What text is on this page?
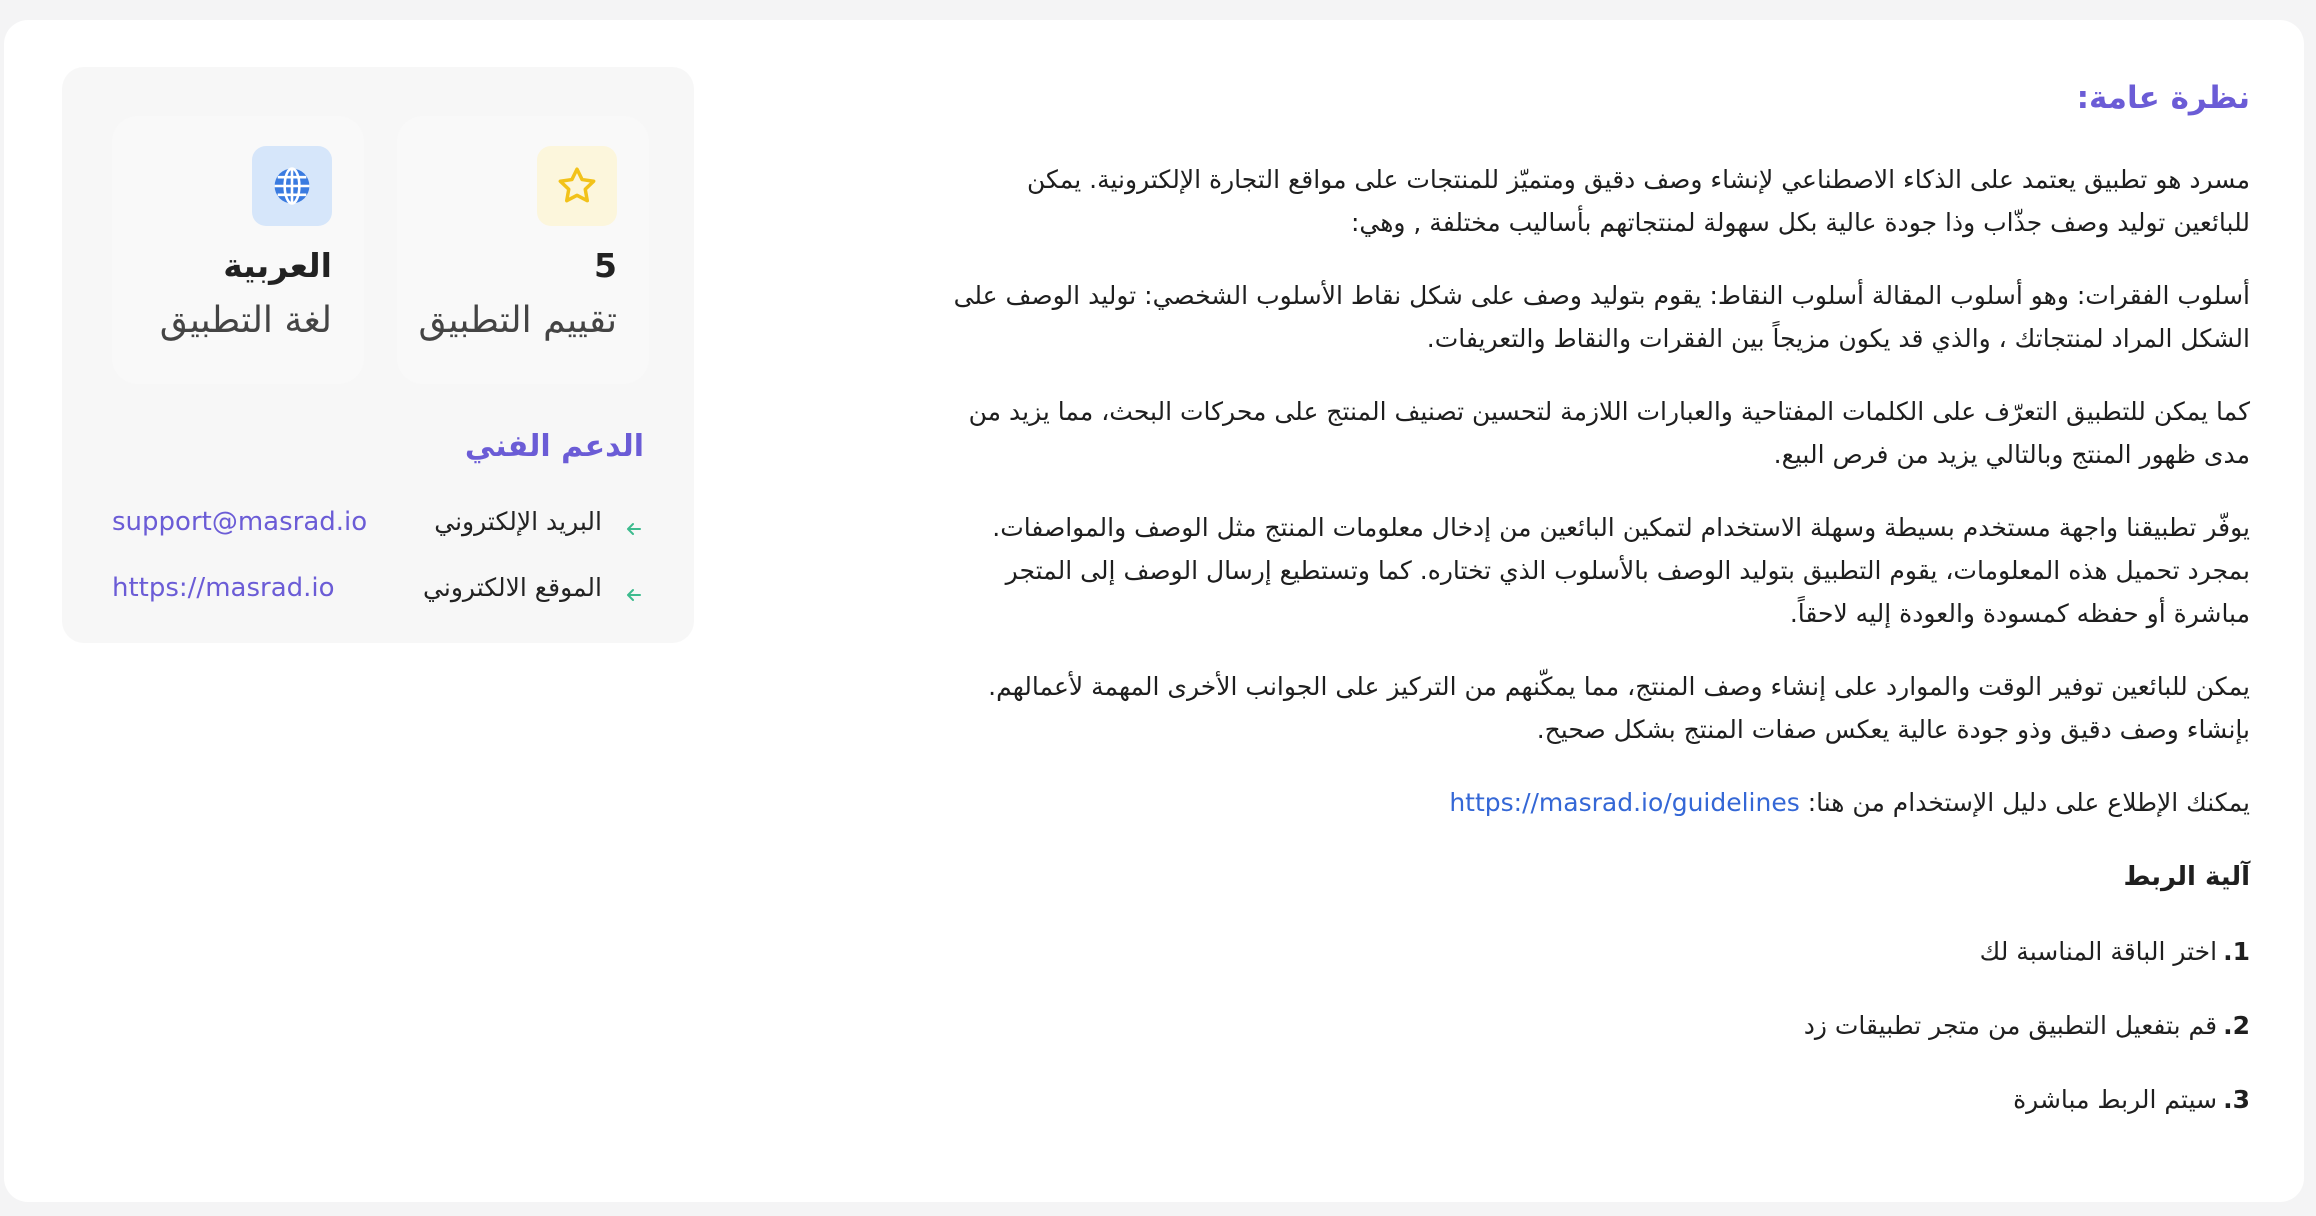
نظرة عامة:

مسرد هو تطبيق يعتمد على الذكاء الاصطناعي لإنشاء وصف دقيق ومتميّز للمنتجات على مواقع التجارة الإلكترونية. يمكن للبائعين توليد وصف جذّاب وذا جودة عالية بكل سهولة لمنتجاتهم بأساليب مختلفة , وهي:

أسلوب الفقرات: وهو أسلوب المقالة أسلوب النقاط: يقوم بتوليد وصف على شكل نقاط الأسلوب الشخصي: توليد الوصف على الشكل المراد لمنتجاتك ، والذي قد يكون مزيجاً بين الفقرات والنقاط والتعريفات.

كما يمكن للتطبيق التعرّف على الكلمات المفتاحية والعبارات اللازمة لتحسين تصنيف المنتج على محركات البحث، مما يزيد من مدى ظهور المنتج وبالتالي يزيد من فرص البيع.

يوفّر تطبيقنا واجهة مستخدم بسيطة وسهلة الاستخدام لتمكين البائعين من إدخال معلومات المنتج مثل الوصف والمواصفات. بمجرد تحميل هذه المعلومات، يقوم التطبيق بتوليد الوصف بالأسلوب الذي تختاره. كما وتستطيع إرسال الوصف إلى المتجر مباشرة أو حفظه كمسودة والعودة إليه لاحقاً.

يمكن للبائعين توفير الوقت والموارد على إنشاء وصف المنتج، مما يمكّنهم من التركيز على الجوانب الأخرى المهمة لأعمالهم. بإنشاء وصف دقيق وذو جودة عالية يعكس صفات المنتج بشكل صحيح.

يمكنك الإطلاع على دليل الإستخدام من هنا: https://masrad.io/guidelines
آلية الربط
1.اختر الباقة المناسبة لك
2.قم بتفعيل التطبيق من متجر تطبيقات زد
3.سيتم الربط مباشرة
5
تقييم التطبيق
العربية
لغة التطبيق
الدعم الفني
البريد الإلكتروني
support@masrad.io
الموقع الالكتروني
https://masrad.io
